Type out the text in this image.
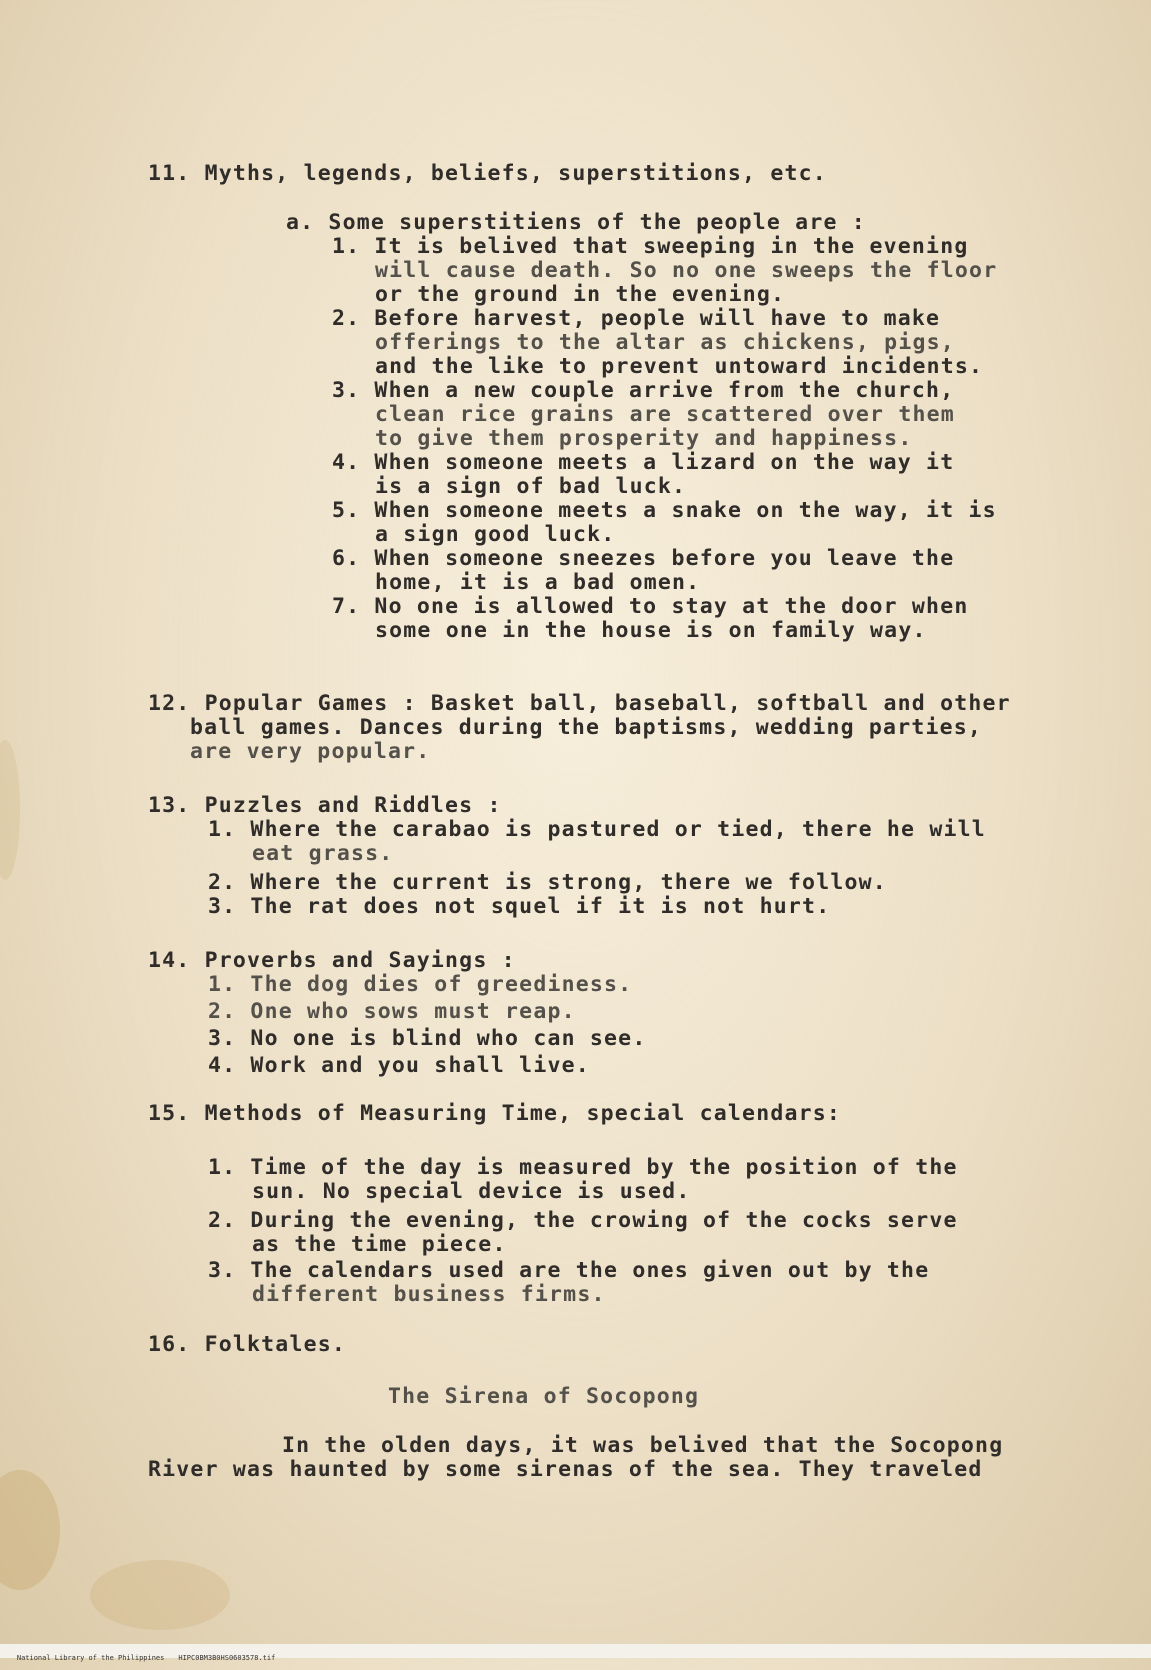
11. Myths, legends, beliefs, superstitions, etc.
a. Some superstitiens of the people are :
1. It is belived that sweeping in the evening
will cause death. So no one sweeps the floor
or the ground in the evening.
2. Before harvest, people will have to make
offerings to the altar as chickens, pigs,
and the like to prevent untoward incidents.
3. When a new couple arrive from the church,
clean rice grains are scattered over them
to give them prosperity and happiness.
4. When someone meets a lizard on the way it
is a sign of bad luck.
5. When someone meets a snake on the way, it is
a sign good luck.
6. When someone sneezes before you leave the
home, it is a bad omen.
7. No one is allowed to stay at the door when
some one in the house is on family way.
12. Popular Games : Basket ball, baseball, softball and other
ball games. Dances during the baptisms, wedding parties,
are very popular.
13. Puzzles and Riddles :
1. Where the carabao is pastured or tied, there he will
eat grass.
2. Where the current is strong, there we follow.
3. The rat does not squel if it is not hurt.
14. Proverbs and Sayings :
1. The dog dies of greediness.
2. One who sows must reap.
3. No one is blind who can see.
4. Work and you shall live.
15. Methods of Measuring Time, special calendars:
1. Time of the day is measured by the position of the
sun. No special device is used.
2. During the evening, the crowing of the cocks serve
as the time piece.
3. The calendars used are the ones given out by the
different business firms.
16. Folktales.
The Sirena of Socopong
In the olden days, it was belived that the Socopong
River was haunted by some sirenas of the sea. They traveled

National Library of the Philippines HIPC0BM3B0HS0603578.tif
